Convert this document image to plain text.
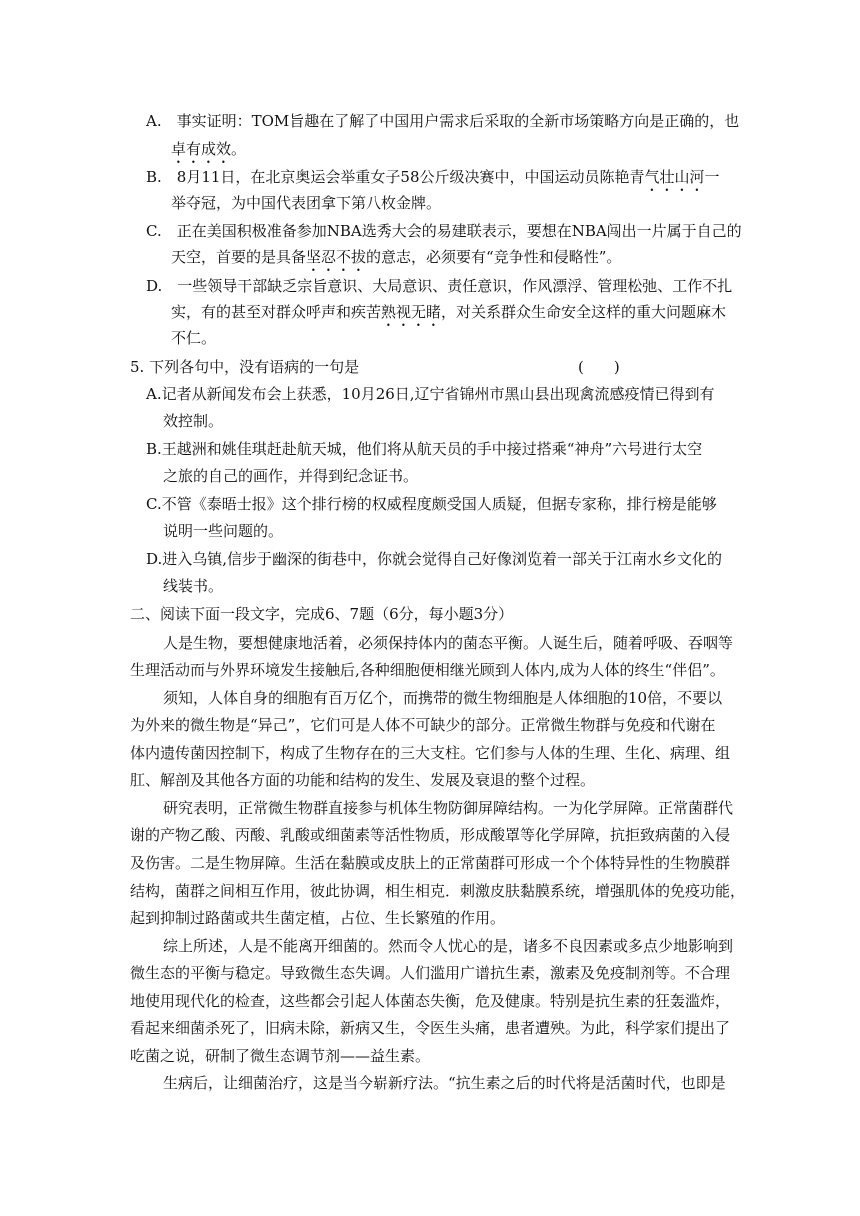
A.　事实证明：TOM旨趣在了解了中国用户需求后采取的全新市场策略方向是正确的，也
卓有成效。
B.　8月11日，在北京奥运会举重女子58公斤级决赛中，中国运动员陈艳青气壮山河一
举夺冠，为中国代表团拿下第八枚金牌。
C.　正在美国积极准备参加NBA选秀大会的易建联表示，要想在NBA闯出一片属于自己的
天空，首要的是具备坚忍不拔的意志，必须要有“竞争性和侵略性”。
D.　一些领导干部缺乏宗旨意识、大局意识、责任意识，作风漂浮、管理松弛、工作不扎
实，有的甚至对群众呼声和疾苦熟视无睹，对关系群众生命安全这样的重大问题麻木
不仁。
5. 下列各句中，没有语病的一句是	(　　)
A.记者从新闻发布会上获悉，10月26日,辽宁省锦州市黑山县出现禽流感疫情已得到有
效控制。
B.王越洲和姚佳琪赶赴航天城，他们将从航天员的手中接过搭乘“神舟”六号进行太空
之旅的自己的画作，并得到纪念证书。
C.不管《泰晤士报》这个排行榜的权威程度颇受国人质疑，但据专家称，排行榜是能够
说明一些问题的。
D.进入乌镇,信步于幽深的街巷中，你就会觉得自己好像浏览着一部关于江南水乡文化的
线装书。
二、阅读下面一段文字，完成6、7题（6分，每小题3分）
人是生物，要想健康地活着，必须保持体内的菌态平衡。人诞生后，随着呼吸、吞咽等
生理活动而与外界环境发生接触后,各种细胞便相继光顾到人体内,成为人体的终生“伴侣”。
须知，人体自身的细胞有百万亿个，而携带的微生物细胞是人体细胞的10倍，不要以
为外来的微生物是“异己”，它们可是人体不可缺少的部分。正常微生物群与免疫和代谢在
体内遗传菌因控制下，构成了生物存在的三大支柱。它们参与人体的生理、生化、病理、组
肛、解剖及其他各方面的功能和结构的发生、发展及衰退的整个过程。
研究表明，正常微生物群直接参与机体生物防御屏障结构。一为化学屏障。正常菌群代
谢的产物乙酸、丙酸、乳酸或细菌素等活性物质，形成酸罩等化学屏障，抗拒致病菌的入侵
及伤害。二是生物屏障。生活在黏膜或皮肤上的正常菌群可形成一个个体特异性的生物膜群
结构，菌群之间相互作用，彼此协调，相生相克．刺激皮肤黏膜系统，增强肌体的免疫功能，
起到抑制过路菌或共生菌定植，占位、生长繁殖的作用。
综上所述，人是不能离开细菌的。然而令人忧心的是，诸多不良因素或多点少地影响到
微生态的平衡与稳定。导致微生态失调。人们滥用广谱抗生素，激素及免疫制剂等。不合理
地使用现代化的检查，这些都会引起人体菌态失衡，危及健康。特别是抗生素的狂轰滥炸，
看起来细菌杀死了，旧病未除，新病又生，令医生头痛，患者遭殃。为此，科学家们提出了
吃菌之说，研制了微生态调节剂——益生素。
生病后，让细菌治疗，这是当今崭新疗法。“抗生素之后的时代将是活菌时代，也即是
